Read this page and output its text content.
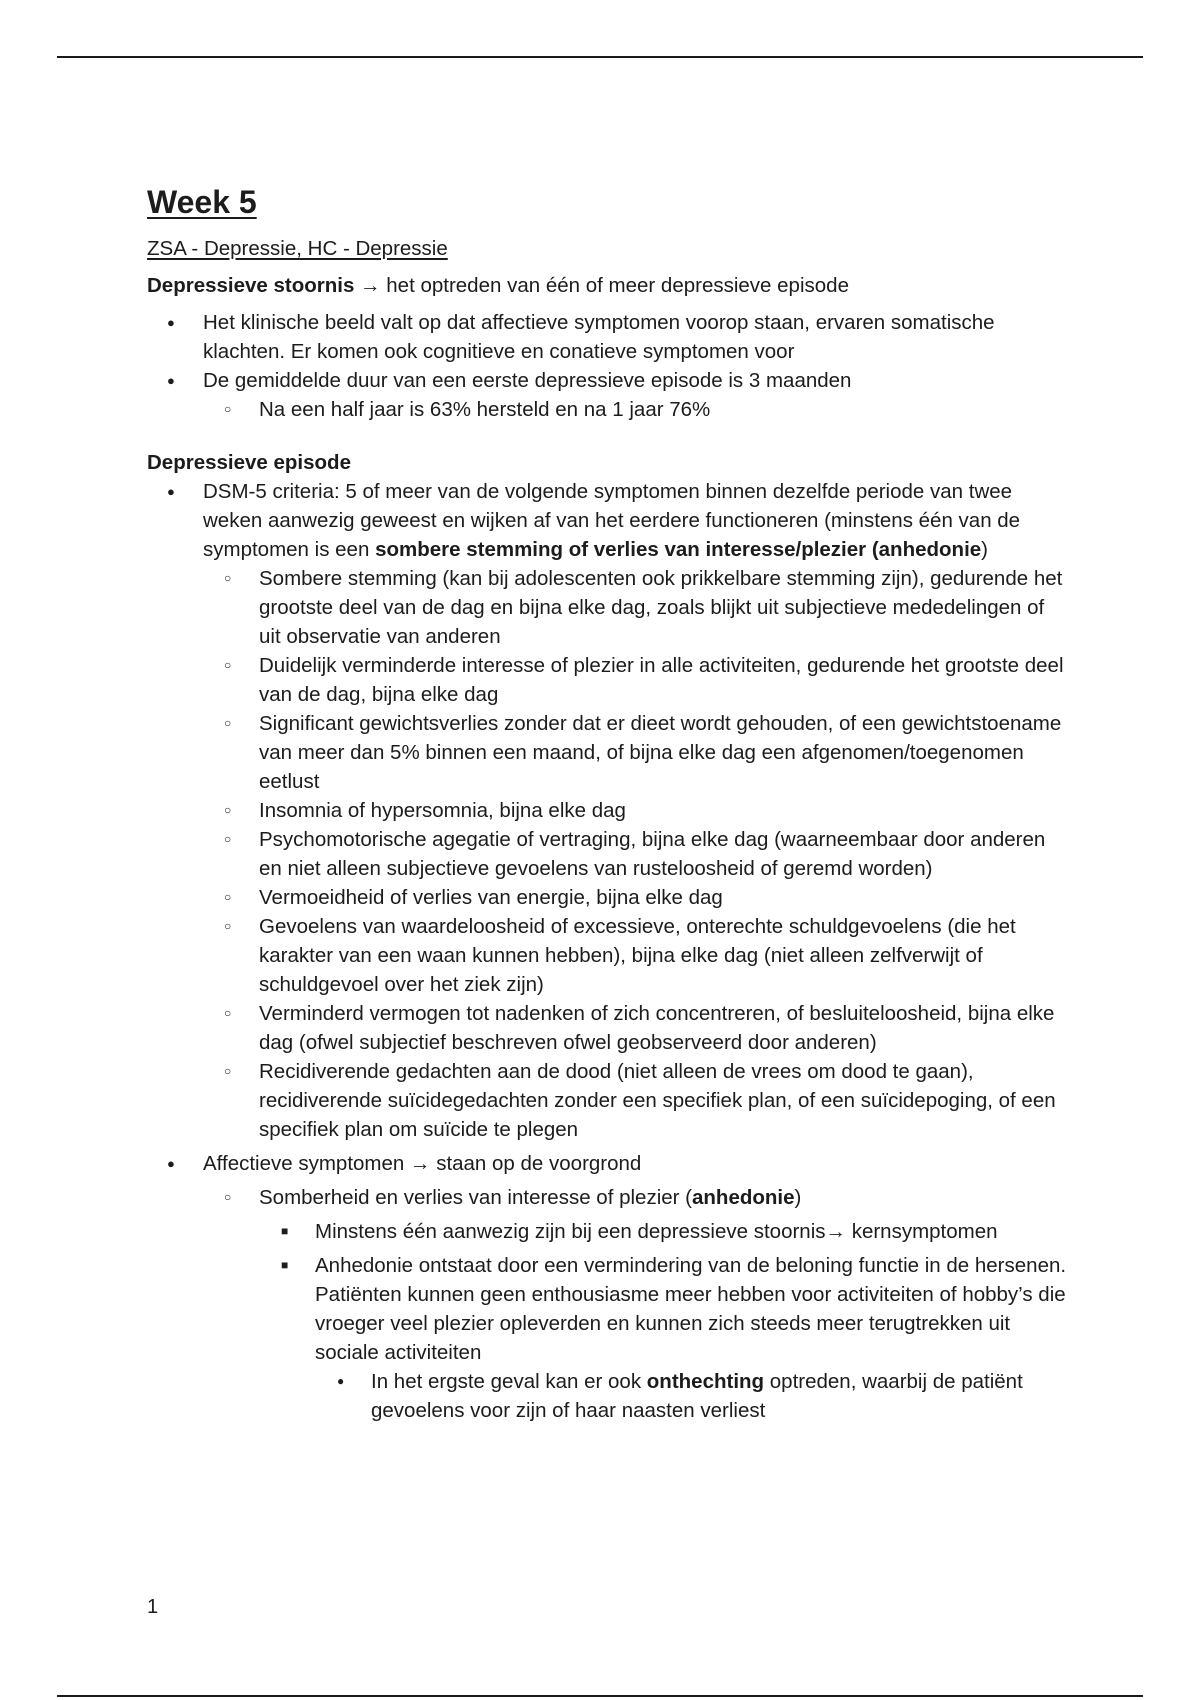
Week 5

ZSA - Depressie, HC - Depressie

Depressieve stoornis → het optreden van één of meer depressieve episode

● Het klinische beeld valt op dat affectieve symptomen voorop staan, ervaren somatische klachten. Er komen ook cognitieve en conatieve symptomen voor
● De gemiddelde duur van een eerste depressieve episode is 3 maanden
○ Na een half jaar is 63% hersteld en na 1 jaar 76%

Depressieve episode

● DSM-5 criteria: 5 of meer van de volgende symptomen binnen dezelfde periode van twee weken aanwezig geweest en wijken af van het eerdere functioneren (minstens één van de symptomen is een sombere stemming of verlies van interesse/plezier (anhedonie)
○ Sombere stemming (kan bij adolescenten ook prikkelbare stemming zijn), gedurende het grootste deel van de dag en bijna elke dag, zoals blijkt uit subjectieve mededelingen of uit observatie van anderen
○ Duidelijk verminderde interesse of plezier in alle activiteiten, gedurende het grootste deel van de dag, bijna elke dag
○ Significant gewichtsverlies zonder dat er dieet wordt gehouden, of een gewichtstoename van meer dan 5% binnen een maand, of bijna elke dag een afgenomen/toegenomen eetlust
○ Insomnia of hypersomnia, bijna elke dag
○ Psychomotorische agegatie of vertraging, bijna elke dag (waarneembaar door anderen en niet alleen subjectieve gevoelens van rusteloosheid of geremd worden)
○ Vermoeidheid of verlies van energie, bijna elke dag
○ Gevoelens van waardeloosheid of excessieve, onterechte schuldgevoelens (die het karakter van een waan kunnen hebben), bijna elke dag (niet alleen zelfverwijt of schuldgevoel over het ziek zijn)
○ Verminderd vermogen tot nadenken of zich concentreren, of besluiteloosheid, bijna elke dag (ofwel subjectief beschreven ofwel geobserveerd door anderen)
○ Recidiverende gedachten aan de dood (niet alleen de vrees om dood te gaan), recidiverende suïcidegedachten zonder een specifiek plan, of een suïcidepoging, of een specifiek plan om suïcide te plegen
● Affectieve symptomen → staan op de voorgrond
○ Somberheid en verlies van interesse of plezier (anhedonie)
■ Minstens één aanwezig zijn bij een depressieve stoornis→ kernsymptomen
■ Anhedonie ontstaat door een vermindering van de beloning functie in de hersenen. Patiënten kunnen geen enthousiasme meer hebben voor activiteiten of hobby’s die vroeger veel plezier opleverden en kunnen zich steeds meer terugtrekken uit sociale activiteiten
● In het ergste geval kan er ook onthechting optreden, waarbij de patiënt gevoelens voor zijn of haar naasten verliest
1
